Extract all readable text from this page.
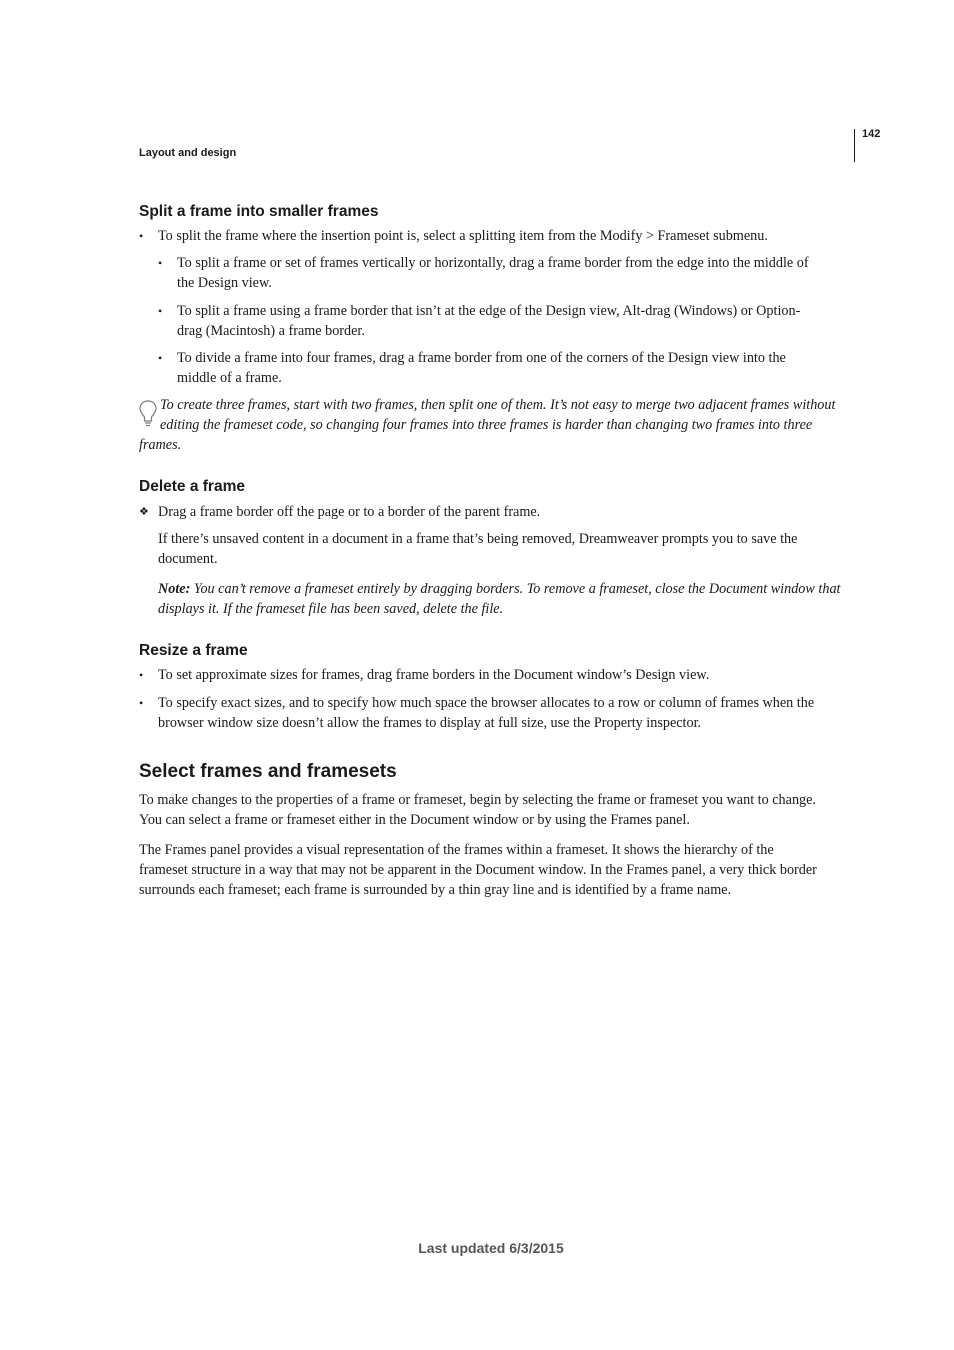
142
Layout and design
Split a frame into smaller frames
• To split the frame where the insertion point is, select a splitting item from the Modify > Frameset submenu.
• To split a frame or set of frames vertically or horizontally, drag a frame border from the edge into the middle of
the Design view.
• To split a frame using a frame border that isn’t at the edge of the Design view, Alt-drag (Windows) or Option-
drag (Macintosh) a frame border.
• To divide a frame into four frames, drag a frame border from one of the corners of the Design view into the
middle of a frame.
To create three frames, start with two frames, then split one of them. It’s not easy to merge two adjacent frames without
editing the frameset code, so changing four frames into three frames is harder than changing two frames into three
frames.
Delete a frame
❖ Drag a frame border off the page or to a border of the parent frame.
If there’s unsaved content in a document in a frame that’s being removed, Dreamweaver prompts you to save the
document.
Note: You can’t remove a frameset entirely by dragging borders. To remove a frameset, close the Document window that
displays it. If the frameset file has been saved, delete the file.
Resize a frame
• To set approximate sizes for frames, drag frame borders in the Document window’s Design view.
• To specify exact sizes, and to specify how much space the browser allocates to a row or column of frames when the
browser window size doesn’t allow the frames to display at full size, use the Property inspector.
Select frames and framesets
To make changes to the properties of a frame or frameset, begin by selecting the frame or frameset you want to change.
You can select a frame or frameset either in the Document window or by using the Frames panel.
The Frames panel provides a visual representation of the frames within a frameset. It shows the hierarchy of the
frameset structure in a way that may not be apparent in the Document window. In the Frames panel, a very thick border
surrounds each frameset; each frame is surrounded by a thin gray line and is identified by a frame name.
Last updated 6/3/2015
